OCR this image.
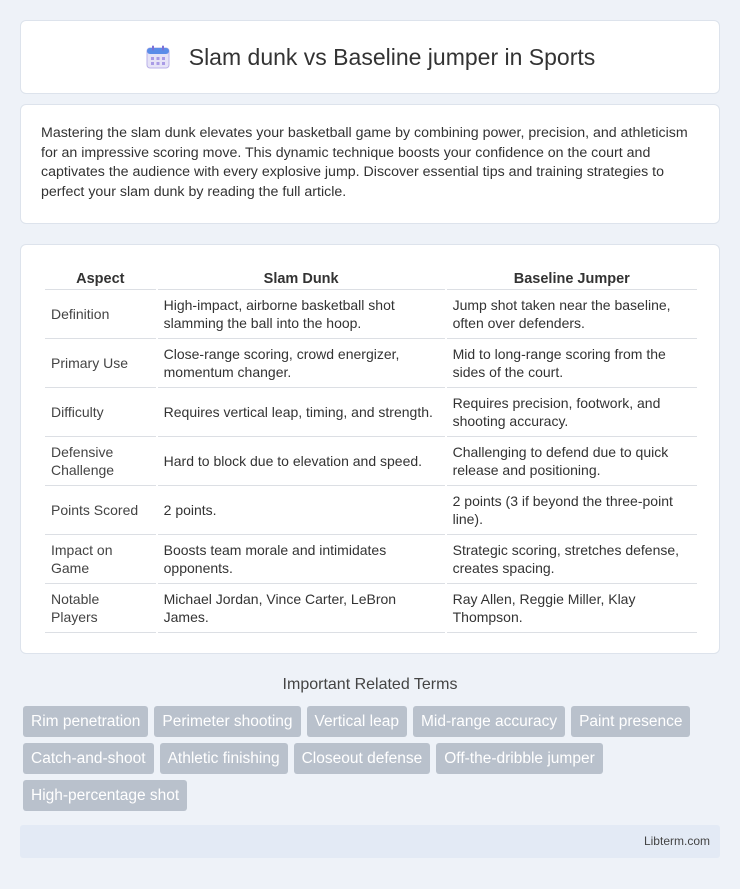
Slam dunk vs Baseline jumper in Sports

Mastering the slam dunk elevates your basketball game by combining power, precision, and athleticism for an impressive scoring move. This dynamic technique boosts your confidence on the court and captivates the audience with every explosive jump. Discover essential tips and training strategies to perfect your slam dunk by reading the full article.

Aspect	Slam Dunk	Baseline Jumper
Definition	High-impact, airborne basketball shot slamming the ball into the hoop.	Jump shot taken near the baseline, often over defenders.
Primary Use	Close-range scoring, crowd energizer, momentum changer.	Mid to long-range scoring from the sides of the court.
Difficulty	Requires vertical leap, timing, and strength.	Requires precision, footwork, and shooting accuracy.
Defensive Challenge	Hard to block due to elevation and speed.	Challenging to defend due to quick release and positioning.
Points Scored	2 points.	2 points (3 if beyond the three-point line).
Impact on Game	Boosts team morale and intimidates opponents.	Strategic scoring, stretches defense, creates spacing.
Notable Players	Michael Jordan, Vince Carter, LeBron James.	Ray Allen, Reggie Miller, Klay Thompson.
Important Related Terms
Rim penetration	Perimeter shooting	Vertical leap	Mid-range accuracy	Paint presence
Catch-and-shoot	Athletic finishing	Closeout defense	Off-the-dribble jumper
High-percentage shot
Libterm.com
